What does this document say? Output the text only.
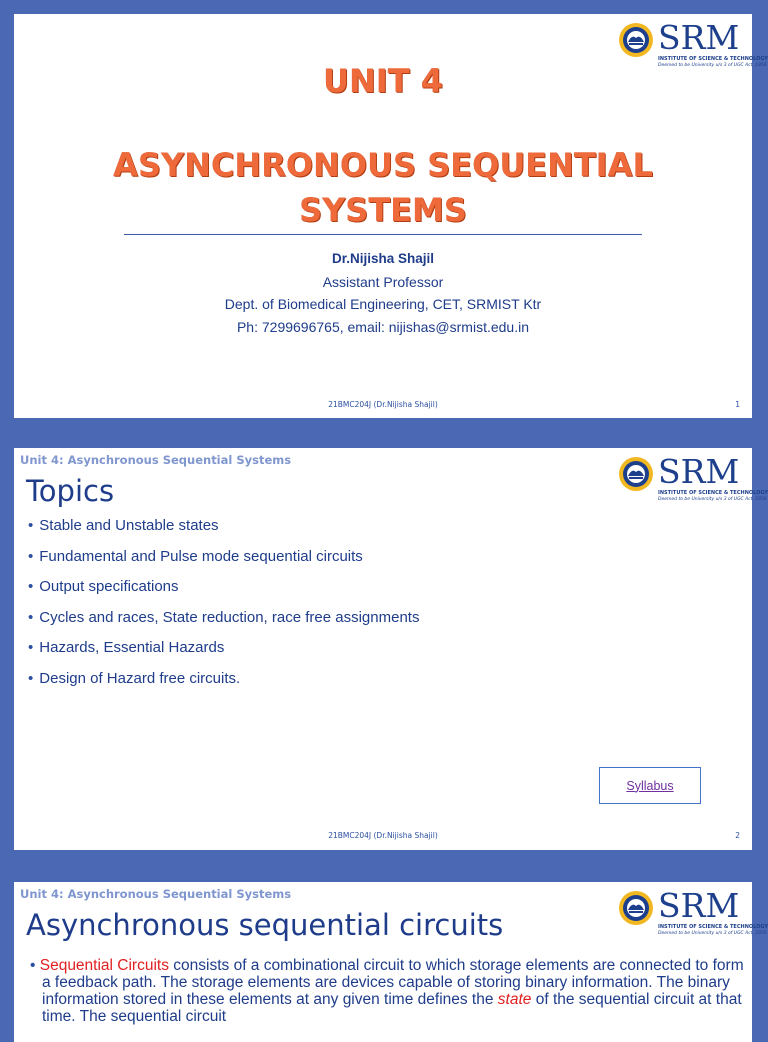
SRM
INSTITUTE OF SCIENCE & TECHNOLOGY
Deemed to be University u/s 3 of UGC Act, 1956
UNIT 4
ASYNCHRONOUS SEQUENTIAL
SYSTEMS
Dr.Nijisha Shajil
Assistant Professor
Dept. of Biomedical Engineering, CET, SRMIST Ktr
Ph: 7299696765, email: nijishas@srmist.edu.in
21BMC204J (Dr.Nijisha Shajil)	1
Unit 4: Asynchronous Sequential Systems	SRM
INSTITUTE OF SCIENCE & TECHNOLOGY
Deemed to be University u/s 3 of UGC Act, 1956
Topics
• Stable and Unstable states
• Fundamental and Pulse mode sequential circuits
• Output specifications
• Cycles and races, State reduction, race free assignments
• Hazards, Essential Hazards
• Design of Hazard free circuits.
Syllabus
21BMC204J (Dr.Nijisha Shajil)	2
Unit 4: Asynchronous Sequential Systems	SRM
INSTITUTE OF SCIENCE & TECHNOLOGY
Deemed to be University u/s 3 of UGC Act, 1956
Asynchronous sequential circuits

• Sequential Circuits consists of a combinational circuit to which storage elements are connected to form a feedback path. The storage elements are devices capable of storing binary information. The binary information stored in these elements at any given time defines the state of the sequential circuit at that time. The sequential circuit
